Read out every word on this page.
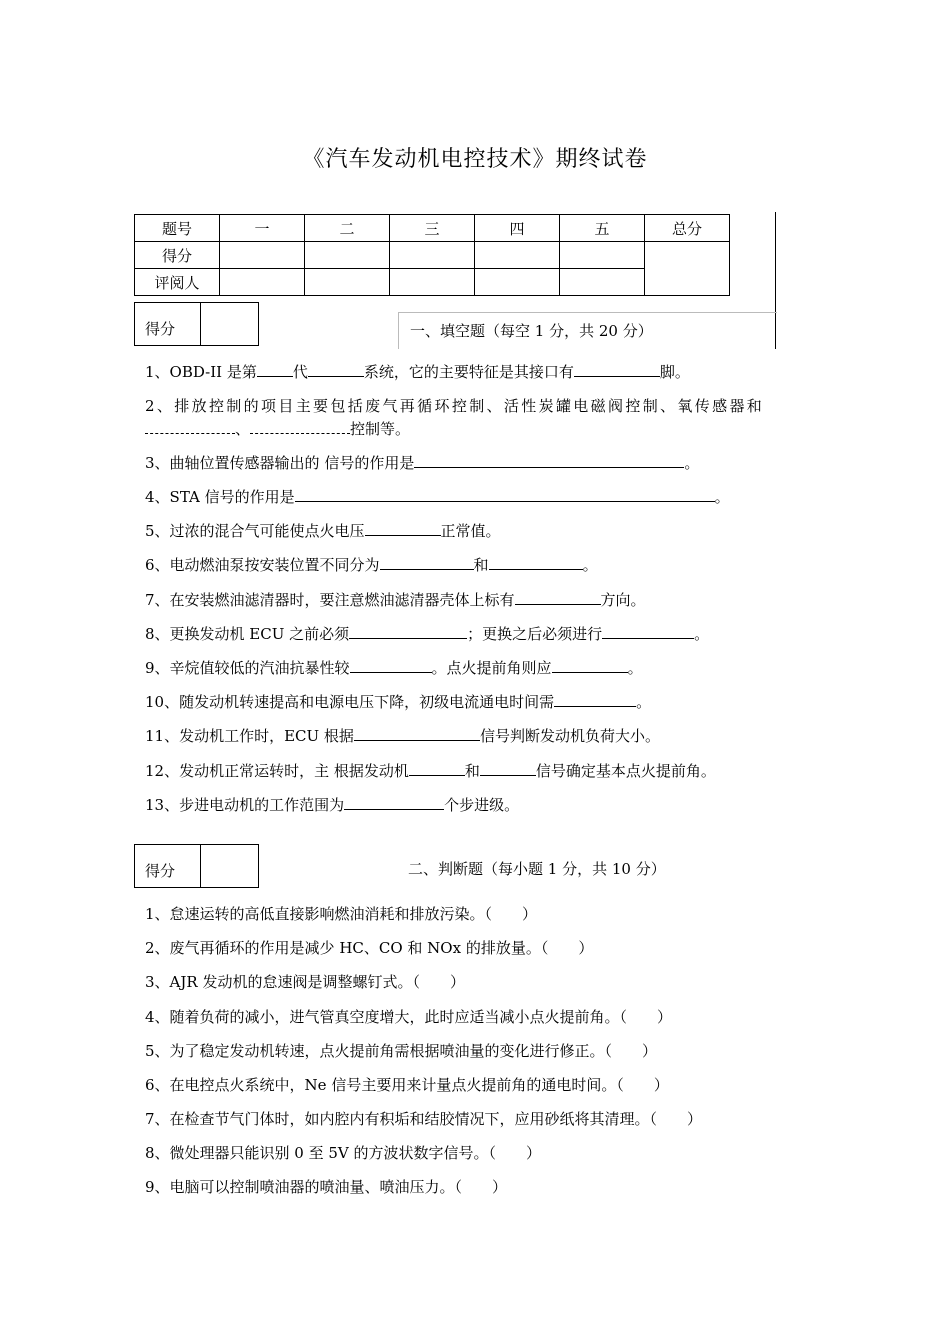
《汽车发动机电控技术》期终试卷
题号	一	二	三	四	五	总分
得分						
评阅人						
得分	一、填空题（每空 1 分，共 20 分）
1、OBD-II 是第 代	系统，它的主要特征是其接口有	脚。
2、排放控制的项目主要包括废气再循环控制、活性炭罐电磁阀控制、氧传感器和
、	控制等。
3、曲轴位置传感器输出的 信号的作用是	。
4、STA 信号的作用是	。
5、过浓的混合气可能使点火电压	正常值。
6、电动燃油泵按安装位置不同分为	和	。
7、在安装燃油滤清器时，要注意燃油滤清器壳体上标有	方向。
8、更换发动机 ECU 之前必须	；更换之后必须进行	。
9、辛烷值较低的汽油抗暴性较	。点火提前角则应	。
10、随发动机转速提高和电源电压下降，初级电流通电时间需	。
11、发动机工作时，ECU 根据	信号判断发动机负荷大小。
12、发动机正常运转时，主 根据发动机	和	信号确定基本点火提前角。
13、步进电动机的工作范围为	个步进级。
得分	二、判断题（每小题 1 分，共 10 分）
1、怠速运转的高低直接影响燃油消耗和排放污染。（　　）
2、废气再循环的作用是减少 HC、CO 和 NOx 的排放量。（　　）
3、AJR 发动机的怠速阀是调整螺钉式。（　　）
4、随着负荷的减小，进气管真空度增大，此时应适当减小点火提前角。（　　）
5、为了稳定发动机转速，点火提前角需根据喷油量的变化进行修正。（　　）
6、在电控点火系统中，Ne 信号主要用来计量点火提前角的通电时间。（　　）
7、在检查节气门体时，如内腔内有积垢和结胶情况下，应用砂纸将其清理。（　　）
8、微处理器只能识别 0 至 5V 的方波状数字信号。（　　）
9、电脑可以控制喷油器的喷油量、喷油压力。（　　）
